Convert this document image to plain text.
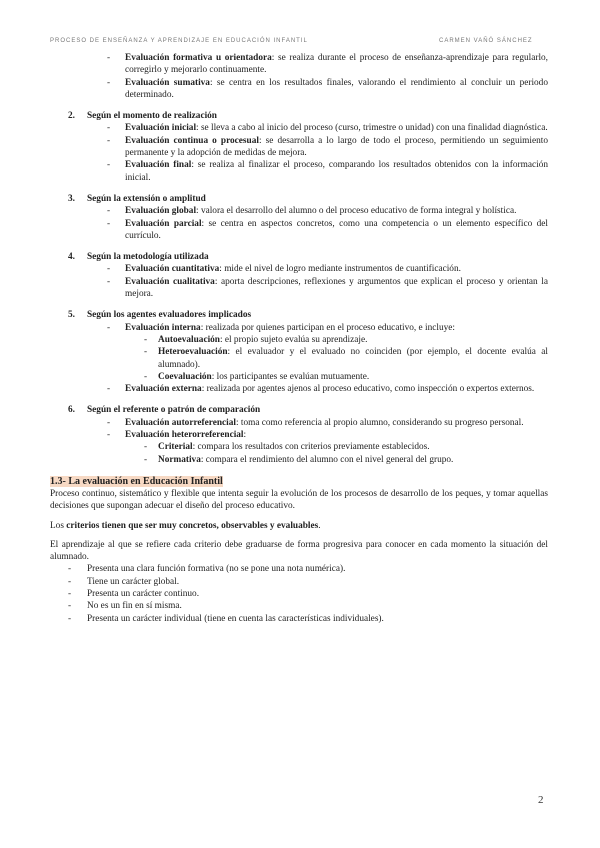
PROCESO DE ENSEÑANZA Y APRENDIZAJE EN EDUCACIÓN INFANTIL	CARMEN VAÑÓ SÁNCHEZ
- Evaluación formativa u orientadora: se realiza durante el proceso de enseñanza-aprendizaje para regularlo, corregirlo y mejorarlo continuamente.
- Evaluación sumativa: se centra en los resultados finales, valorando el rendimiento al concluir un periodo determinado.
2. Según el momento de realización
- Evaluación inicial: se lleva a cabo al inicio del proceso (curso, trimestre o unidad) con una finalidad diagnóstica.
- Evaluación continua o procesual: se desarrolla a lo largo de todo el proceso, permitiendo un seguimiento permanente y la adopción de medidas de mejora.
- Evaluación final: se realiza al finalizar el proceso, comparando los resultados obtenidos con la información inicial.
3. Según la extensión o amplitud
- Evaluación global: valora el desarrollo del alumno o del proceso educativo de forma integral y holística.
- Evaluación parcial: se centra en aspectos concretos, como una competencia o un elemento específico del currículo.
4. Según la metodología utilizada
- Evaluación cuantitativa: mide el nivel de logro mediante instrumentos de cuantificación.
- Evaluación cualitativa: aporta descripciones, reflexiones y argumentos que explican el proceso y orientan la mejora.
5. Según los agentes evaluadores implicados
- Evaluación interna: realizada por quienes participan en el proceso educativo, e incluye:
- Autoevaluación: el propio sujeto evalúa su aprendizaje.
- Heteroevaluación: el evaluador y el evaluado no coinciden (por ejemplo, el docente evalúa al alumnado).
- Coevaluación: los participantes se evalúan mutuamente.
- Evaluación externa: realizada por agentes ajenos al proceso educativo, como inspección o expertos externos.
6. Según el referente o patrón de comparación
- Evaluación autorreferencial: toma como referencia al propio alumno, considerando su progreso personal.
- Evaluación heterorreferencial:
- Criterial: compara los resultados con criterios previamente establecidos.
- Normativa: compara el rendimiento del alumno con el nivel general del grupo.
1.3- La evaluación en Educación Infantil
Proceso continuo, sistemático y flexible que intenta seguir la evolución de los procesos de desarrollo de los peques, y tomar aquellas decisiones que supongan adecuar el diseño del proceso educativo.
Los criterios tienen que ser muy concretos, observables y evaluables.
El aprendizaje al que se refiere cada criterio debe graduarse de forma progresiva para conocer en cada momento la situación del alumnado.
- Presenta una clara función formativa (no se pone una nota numérica).
- Tiene un carácter global.
- Presenta un carácter continuo.
- No es un fin en sí misma.
- Presenta un carácter individual (tiene en cuenta las características individuales).
2
